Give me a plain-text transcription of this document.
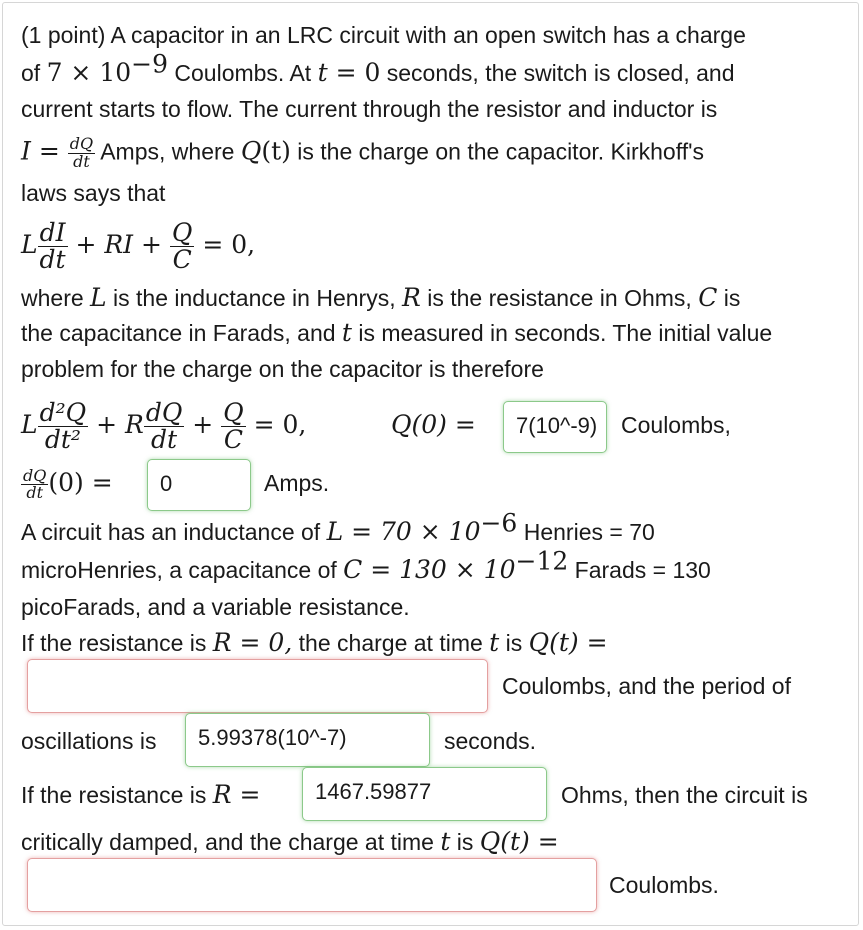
(1 point) A capacitor in an LRC circuit with an open switch has a charge
of $7 \times 10^{-9}$ Coulombs. At t = 0 seconds, the switch is closed, and
current starts to flow. The current through the resistor and inductor is
$I = \frac{dQ}{dt}$ Amps, where Q(t) is the charge on the capacitor. Kirkhoff's
laws says that
L $\frac{dI}{dt}$ + RI + $\frac{Q}{C} = 0$,
where L is the inductance in Henrys, R is the resistance in Ohms, C is
the capacitance in Farads, and t is measured in seconds. The initial value
problem for the charge on the capacitor is therefore
L $\frac{\text{d²Q}}{\text{dt²}} + R \frac{dQ}{dt} + \frac{Q}{C} = 0$,	Q(0) =	7(10^-9)	Coulombs,
$\frac{dQ}{dt} (0)$ =	0	Amps.
A circuit has an inductance of $L = 70 \times 10^{-6}$ Henries = 70
microHenries, a capacitance of $C = 130 \times 10^{-12}$ Farads = 130
picoFarads, and a variable resistance.
If the resistance is R = 0, the charge at time t is Q(t) =
Coulombs, and the period of
oscillations is	5.99378(10^-7)	seconds.
If the resistance is R =	1467.59877	Ohms, then the circuit is
critically damped, and the charge at time t is Q(t) =
Coulombs.
